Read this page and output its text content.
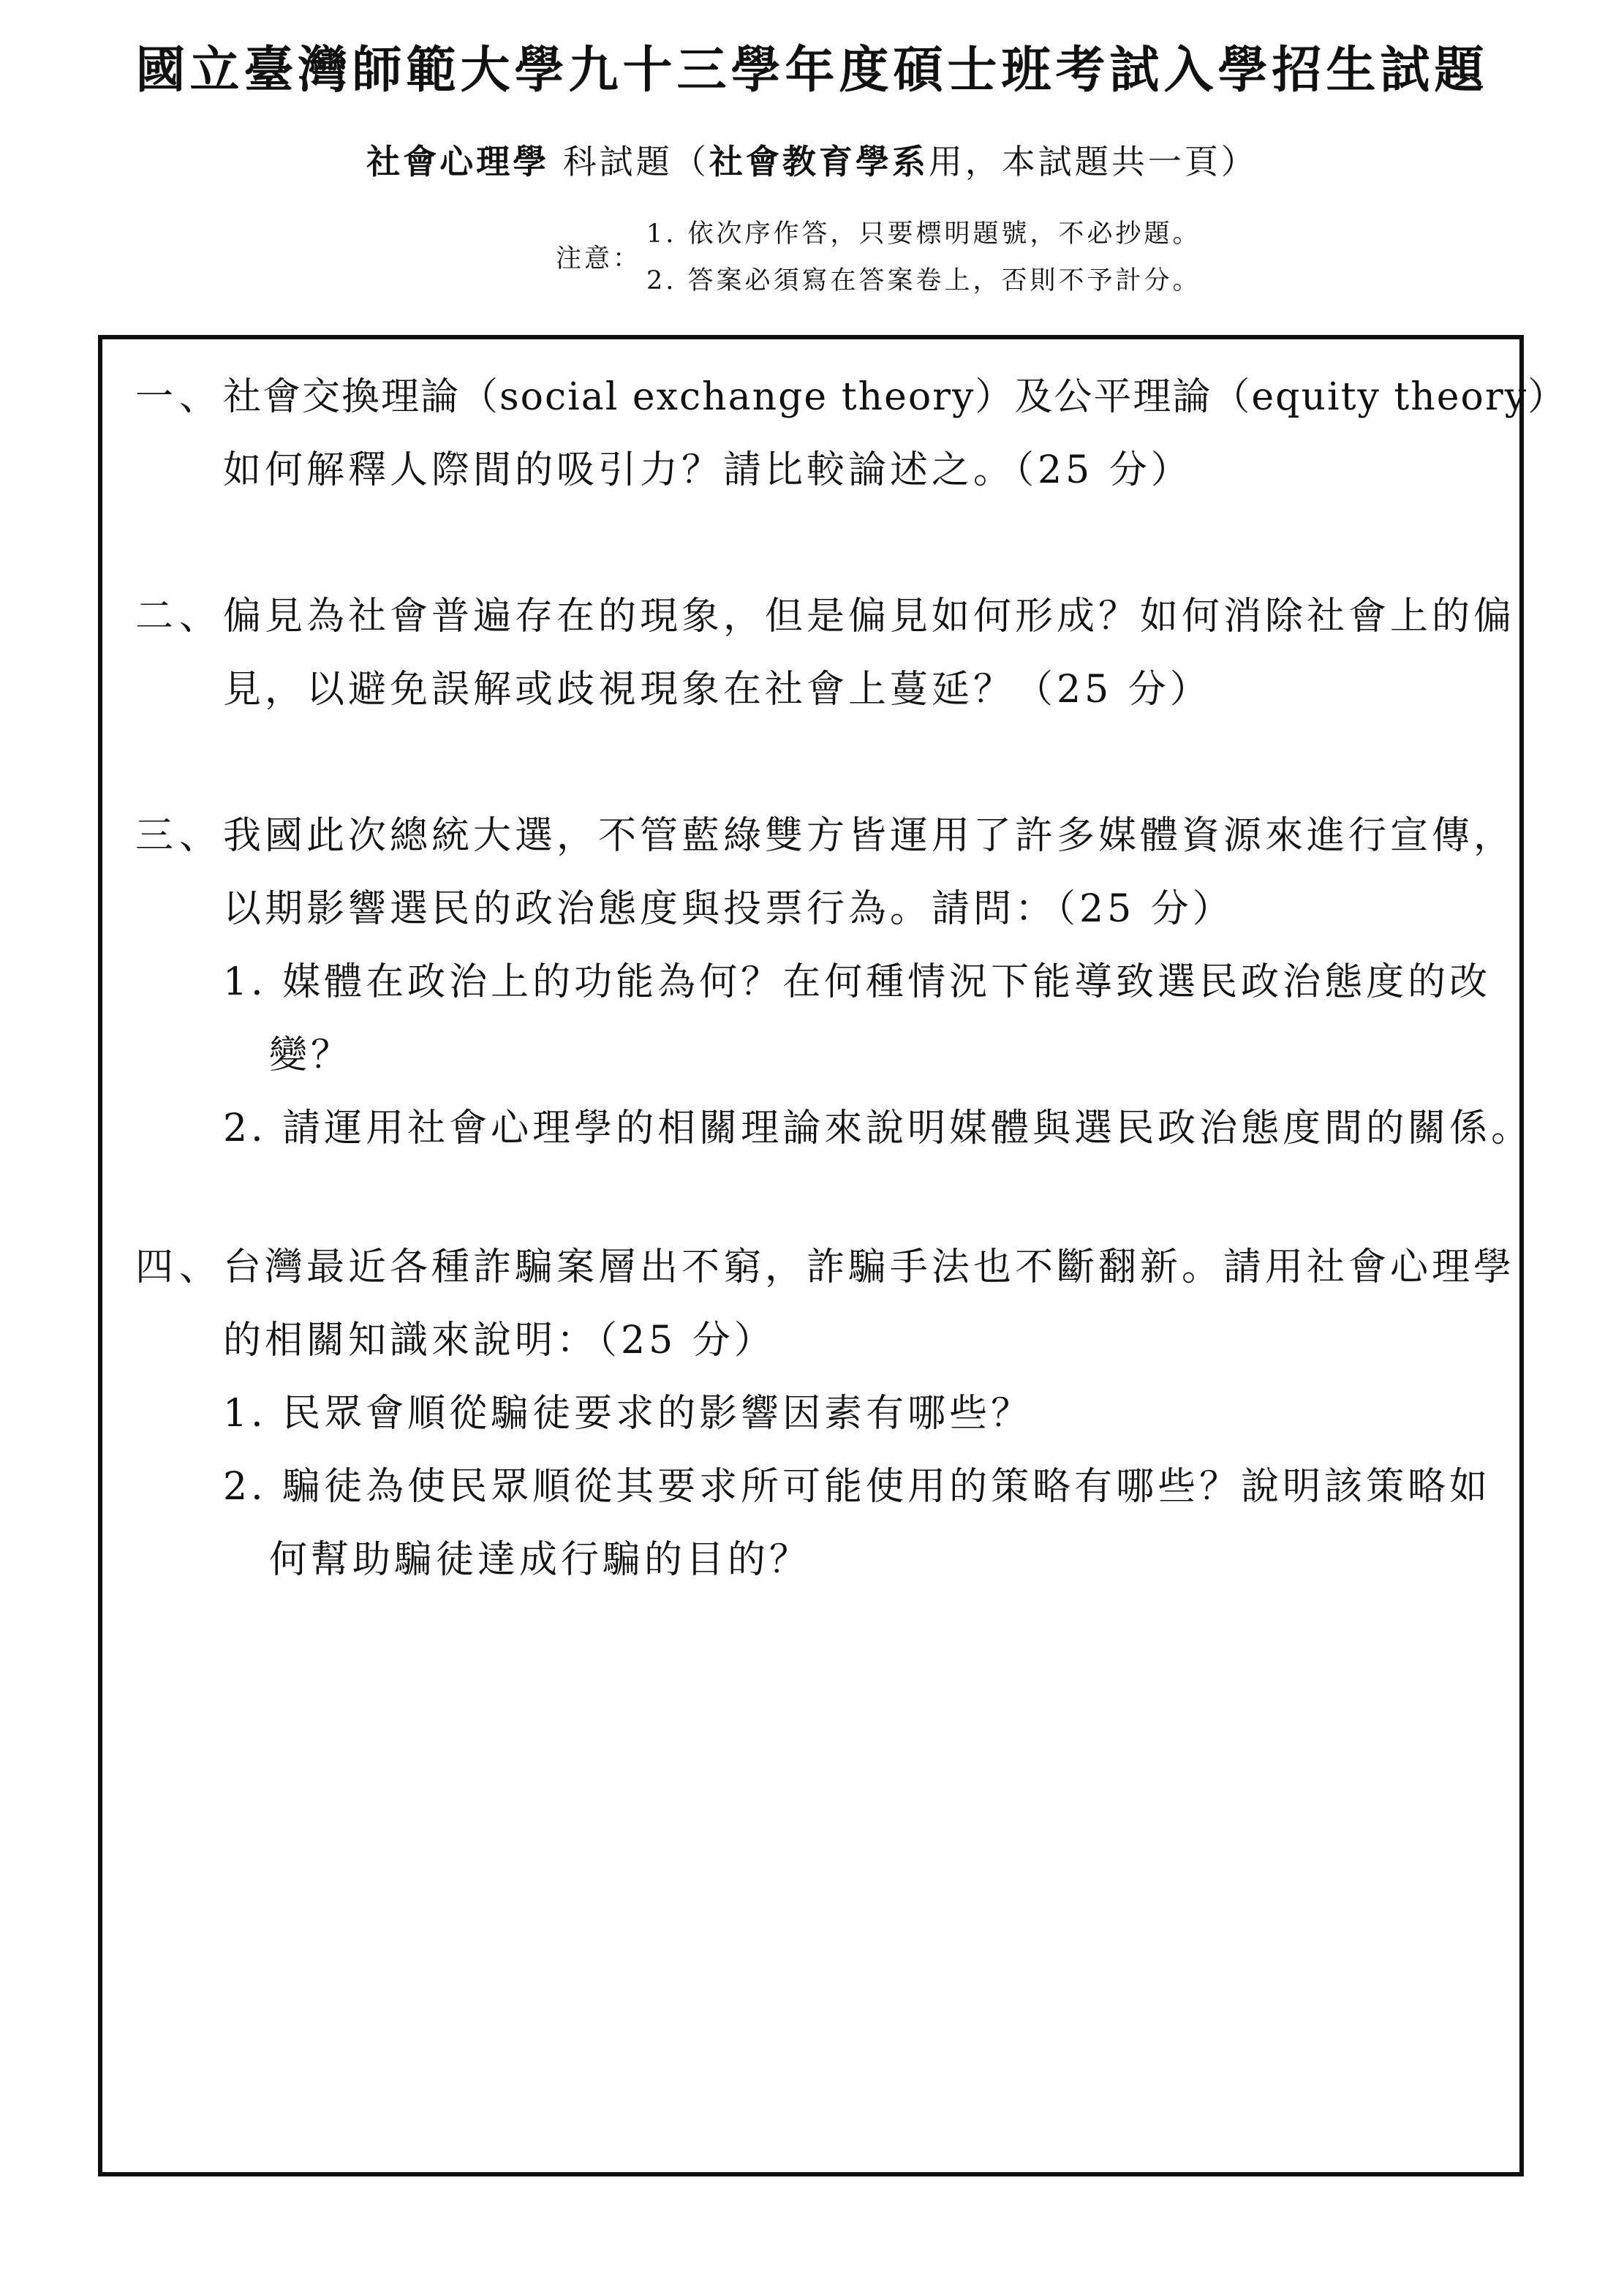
國立臺灣師範大學九十三學年度碩士班考試入學招生試題
社會心理學 科試題（社會教育學系用，本試題共一頁）
注意：
1. 依次序作答，只要標明題號，不必抄題。
2. 答案必須寫在答案卷上，否則不予計分。
一、 社會交換理論（social exchange theory）及公平理論（equity theory）
如何解釋人際間的吸引力？請比較論述之。（25 分）
二、 偏見為社會普遍存在的現象，但是偏見如何形成？如何消除社會上的偏
見，以避免誤解或歧視現象在社會上蔓延？（25 分）
三、 我國此次總統大選，不管藍綠雙方皆運用了許多媒體資源來進行宣傳，
以期影響選民的政治態度與投票行為。請問：（25 分）
1. 媒體在政治上的功能為何？在何種情況下能導致選民政治態度的改
變？
2. 請運用社會心理學的相關理論來說明媒體與選民政治態度間的關係。
四、 台灣最近各種詐騙案層出不窮，詐騙手法也不斷翻新。請用社會心理學
的相關知識來說明：（25 分）
1. 民眾會順從騙徒要求的影響因素有哪些？
2. 騙徒為使民眾順從其要求所可能使用的策略有哪些？說明該策略如
何幫助騙徒達成行騙的目的？
